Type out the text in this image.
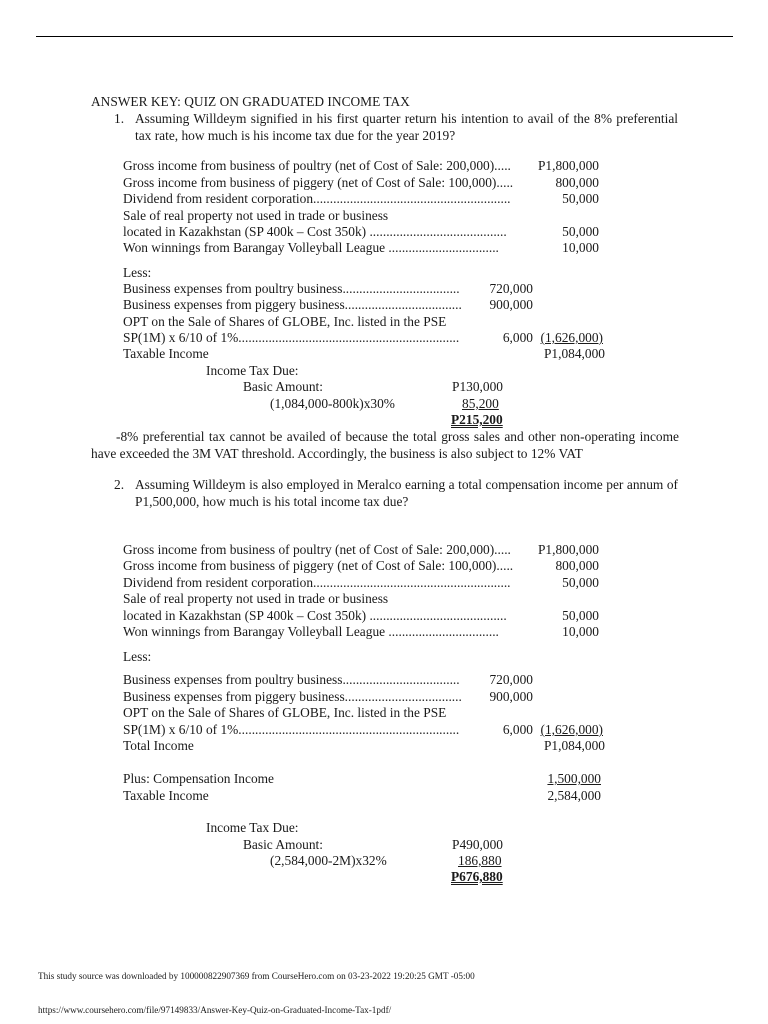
ANSWER KEY: QUIZ ON GRADUATED INCOME TAX
1. Assuming Willdeym signified in his first quarter return his intention to avail of the 8% preferential tax rate, how much is his income tax due for the year 2019?
Gross income from business of poultry (net of Cost of Sale: 200,000)..... P1,800,000
Gross income from business of piggery (net of Cost of Sale: 100,000).....	800,000
Dividend from resident corporation...........................................................	50,000
Sale of real property not used in trade or business
located in Kazakhstan (SP 400k – Cost 350k) .........................................	50,000
Won winnings from Barangay Volleyball League .................................	10,000
Less:
Business expenses from poultry business................................... 720,000
Business expenses from piggery business................................... 900,000
OPT on the Sale of Shares of GLOBE, Inc. listed in the PSE
SP(1M) x 6/10 of 1%..................................................................	6,000 (1,626,000)
Taxable Income	P1,084,000
Income Tax Due:
Basic Amount:	P130,000
(1,084,000-800k)x30%	85,200
P215,200
-8% preferential tax cannot be availed of because the total gross sales and other non-operating income have exceeded the 3M VAT threshold. Accordingly, the business is also subject to 12% VAT
2. Assuming Willdeym is also employed in Meralco earning a total compensation income per annum of P1,500,000, how much is his total income tax due?
Gross income from business of poultry (net of Cost of Sale: 200,000)..... P1,800,000
Gross income from business of piggery (net of Cost of Sale: 100,000).....	800,000
Dividend from resident corporation...........................................................	50,000
Sale of real property not used in trade or business
located in Kazakhstan (SP 400k – Cost 350k) .........................................	50,000
Won winnings from Barangay Volleyball League .................................	10,000
Less:
Business expenses from poultry business................................... 720,000
Business expenses from piggery business................................... 900,000
OPT on the Sale of Shares of GLOBE, Inc. listed in the PSE
SP(1M) x 6/10 of 1%..................................................................	6,000 (1,626,000)
Total Income	P1,084,000
Plus: Compensation Income	1,500,000
Taxable Income	2,584,000
Income Tax Due:
Basic Amount:	P490,000
(2,584,000-2M)x32%	186,880
P676,880
This study source was downloaded by 100000822907369 from CourseHero.com on 03-23-2022 19:20:25 GMT -05:00
https://www.coursehero.com/file/97149833/Answer-Key-Quiz-on-Graduated-Income-Tax-1pdf/
